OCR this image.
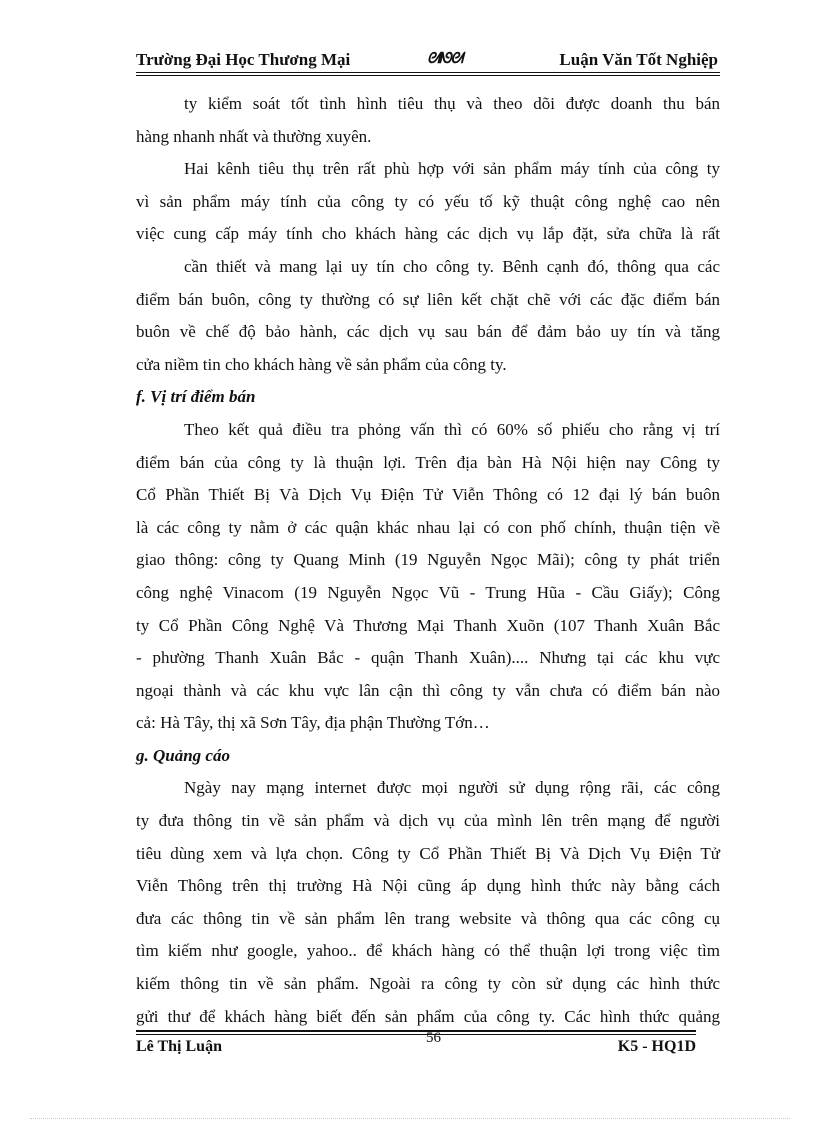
Trường Đại Học Thương Mại	ᘛᘚᘛ	Luận Văn Tốt Nghiệp
ty kiểm soát tốt tình hình tiêu thụ và theo dõi được doanh thu bán
hàng nhanh nhất và thường xuyên.
Hai kênh tiêu thụ trên rất phù hợp với sản phẩm máy tính của công ty
vì sản phẩm máy tính của công ty có yếu tố kỹ thuật công nghệ cao nên
việc cung cấp máy tính cho khách hàng các dịch vụ lắp đặt, sửa chữa là rất
cần thiết và mang lại uy tín cho công ty. Bênh cạnh đó, thông qua các
điểm bán buôn, công ty thường có sự liên kết chặt chẽ với các đặc điểm bán
buôn về chế độ bảo hành, các dịch vụ sau bán để đảm bảo uy tín và tăng
cửa niềm tin cho khách hàng về sản phẩm của công ty.
f. Vị trí điểm bán
Theo kết quả điều tra phỏng vấn thì có 60% số phiếu cho rằng vị trí
điểm bán của công ty là thuận lợi. Trên địa bàn Hà Nội hiện nay Công ty
Cổ Phần Thiết Bị Và Dịch Vụ Điện Tử Viễn Thông có 12 đại lý bán buôn
là các công ty nằm ở các quận khác nhau lại có con phố chính, thuận tiện về
giao thông: công ty Quang Minh (19 Nguyễn Ngọc Mãi); công ty phát triển
công nghệ Vinacom (19 Nguyễn Ngọc Vũ - Trung Hũa - Cầu Giấy); Công
ty Cổ Phần Công Nghệ Và Thương Mại Thanh Xuõn (107 Thanh Xuân Bắc
- phường Thanh Xuân Bắc - quận Thanh Xuân).... Nhưng tại các khu vực
ngoại thành và các khu vực lân cận thì công ty vẫn chưa có điểm bán nào
cả: Hà Tây, thị xã Sơn Tây, địa phận Thường Tớn…
g. Quảng cáo
Ngày nay mạng internet được mọi người sử dụng rộng rãi, các công
ty đưa thông tin về sản phẩm và dịch vụ của mình lên trên mạng để người
tiêu dùng xem và lựa chọn. Công ty Cổ Phần Thiết Bị Và Dịch Vụ Điện Tử
Viễn Thông trên thị trường Hà Nội cũng áp dụng hình thức này bằng cách
đưa các thông tin về sản phẩm lên trang website và thông qua các công cụ
tìm kiếm như google, yahoo.. để khách hàng có thể thuận lợi trong việc tìm
kiếm thông tin về sản phẩm. Ngoài ra công ty còn sử dụng các hình thức
gửi thư để khách hàng biết đến sản phẩm của công ty. Các hình thức quảng
Lê Thị Luận	56	K5 - HQ1D
